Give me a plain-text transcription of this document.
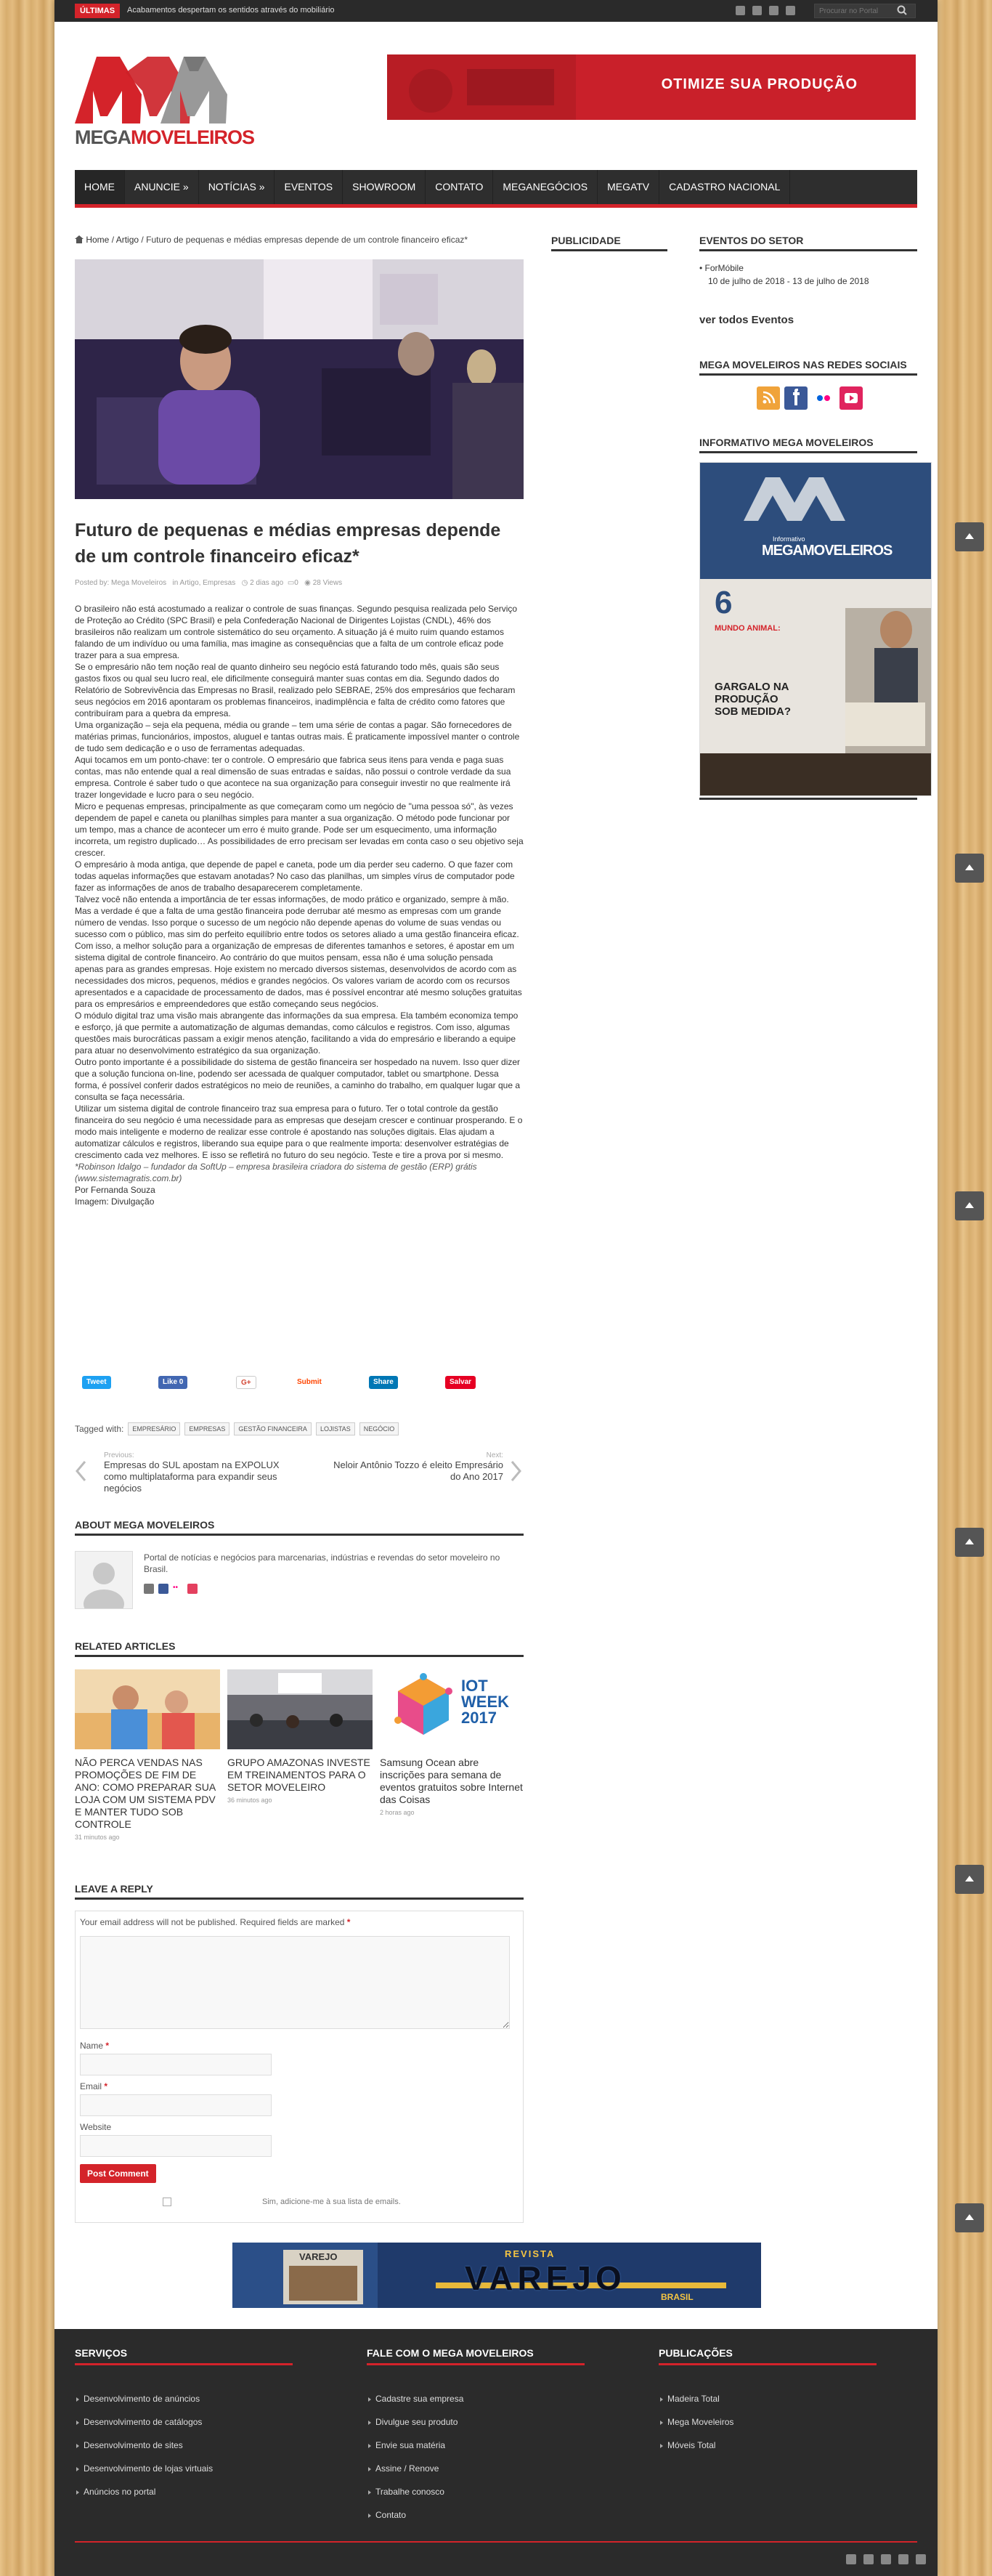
ÚLTIMAS	Acabamentos despertam os sentidos através do mobiliário
Procurar no Portal
MEGAMOVELEIROS
OTIMIZE SUA PRODUÇÃO
HOME	ANUNCIE »	NOTÍCIAS »	EVENTOS	SHOWROOM	CONTATO	MEGANEGÓCIOS	MEGATV	CADASTRO NACIONAL
Home / Artigo / Futuro de pequenas e médias empresas depende de um controle financeiro eficaz*
Futuro de pequenas e médias empresas depende de um controle financeiro eficaz*
Posted by: Mega Moveleiros in Artigo, Empresas ◷ 2 dias ago ▭0 ◉ 28 Views

O brasileiro não está acostumado a realizar o controle de suas finanças. Segundo pesquisa realizada pelo Serviço de Proteção ao Crédito (SPC Brasil) e pela Confederação Nacional de Dirigentes Lojistas (CNDL), 46% dos brasileiros não realizam um controle sistemático do seu orçamento. A situação já é muito ruim quando estamos falando de um indivíduo ou uma família, mas imagine as consequências que a falta de um controle eficaz pode trazer para a sua empresa.

Se o empresário não tem noção real de quanto dinheiro seu negócio está faturando todo mês, quais são seus gastos fixos ou qual seu lucro real, ele dificilmente conseguirá manter suas contas em dia. Segundo dados do Relatório de Sobrevivência das Empresas no Brasil, realizado pelo SEBRAE, 25% dos empresários que fecharam seus negócios em 2016 apontaram os problemas financeiros, inadimplência e falta de crédito como fatores que contribuíram para a quebra da empresa.

Uma organização – seja ela pequena, média ou grande – tem uma série de contas a pagar. São fornecedores de matérias primas, funcionários, impostos, aluguel e tantas outras mais. É praticamente impossível manter o controle de tudo sem dedicação e o uso de ferramentas adequadas.

Aqui tocamos em um ponto-chave: ter o controle. O empresário que fabrica seus itens para venda e paga suas contas, mas não entende qual a real dimensão de suas entradas e saídas, não possui o controle verdade da sua empresa. Controle é saber tudo o que acontece na sua organização para conseguir investir no que realmente irá trazer longevidade e lucro para o seu negócio.

Micro e pequenas empresas, principalmente as que começaram como um negócio de "uma pessoa só", às vezes dependem de papel e caneta ou planilhas simples para manter a sua organização. O método pode funcionar por um tempo, mas a chance de acontecer um erro é muito grande. Pode ser um esquecimento, uma informação incorreta, um registro duplicado… As possibilidades de erro precisam ser levadas em conta caso o seu objetivo seja crescer.

O empresário à moda antiga, que depende de papel e caneta, pode um dia perder seu caderno. O que fazer com todas aquelas informações que estavam anotadas? No caso das planilhas, um simples vírus de computador pode fazer as informações de anos de trabalho desaparecerem completamente.

Talvez você não entenda a importância de ter essas informações, de modo prático e organizado, sempre à mão. Mas a verdade é que a falta de uma gestão financeira pode derrubar até mesmo as empresas com um grande número de vendas. Isso porque o sucesso de um negócio não depende apenas do volume de suas vendas ou sucesso com o público, mas sim do perfeito equilíbrio entre todos os setores aliado a uma gestão financeira eficaz.

Com isso, a melhor solução para a organização de empresas de diferentes tamanhos e setores, é apostar em um sistema digital de controle financeiro. Ao contrário do que muitos pensam, essa não é uma solução pensada apenas para as grandes empresas. Hoje existem no mercado diversos sistemas, desenvolvidos de acordo com as necessidades dos micros, pequenos, médios e grandes negócios. Os valores variam de acordo com os recursos apresentados e a capacidade de processamento de dados, mas é possível encontrar até mesmo soluções gratuitas para os empresários e empreendedores que estão começando seus negócios.

O módulo digital traz uma visão mais abrangente das informações da sua empresa. Ela também economiza tempo e esforço, já que permite a automatização de algumas demandas, como cálculos e registros. Com isso, algumas questões mais burocráticas passam a exigir menos atenção, facilitando a vida do empresário e liberando a equipe para atuar no desenvolvimento estratégico da sua organização.

Outro ponto importante é a possibilidade do sistema de gestão financeira ser hospedado na nuvem. Isso quer dizer que a solução funciona on-line, podendo ser acessada de qualquer computador, tablet ou smartphone. Dessa forma, é possível conferir dados estratégicos no meio de reuniões, a caminho do trabalho, em qualquer lugar que a consulta se faça necessária.

Utilizar um sistema digital de controle financeiro traz sua empresa para o futuro. Ter o total controle da gestão financeira do seu negócio é uma necessidade para as empresas que desejam crescer e continuar prosperando. E o modo mais inteligente e moderno de realizar esse controle é apostando nas soluções digitais. Elas ajudam a automatizar cálculos e registros, liberando sua equipe para o que realmente importa: desenvolver estratégias de crescimento cada vez melhores. E isso se refletirá no futuro do seu negócio. Teste e tire a prova por si mesmo.

*Robinson Idalgo – fundador da SoftUp – empresa brasileira criadora do sistema de gestão (ERP) grátis (www.sistemagratis.com.br)

Por Fernanda Souza

Imagem: Divulgação

Tweet	Like 0	G+	Submit	Share	Salvar
Tagged with:	EMPRESÁRIO	EMPRESAS	GESTÃO FINANCEIRA	LOJISTAS	NEGÓCIO
Previous:
Empresas do SUL apostam na EXPOLUX como multiplataforma para expandir seus negócios
Next:
Neloir Antônio Tozzo é eleito Empresário do Ano 2017
ABOUT MEGA MOVELEIROS
Portal de notícias e negócios para marcenarias, indústrias e revendas do setor moveleiro no Brasil.
••
RELATED ARTICLES
NÃO PERCA VENDAS NAS PROMOÇÕES DE FIM DE ANO: COMO PREPARAR SUA LOJA COM UM SISTEMA PDV E MANTER TUDO SOB CONTROLE
31 minutos ago
GRUPO AMAZONAS INVESTE EM TREINAMENTOS PARA O SETOR MOVELEIRO
36 minutos ago
IOT
WEEK
2017
Samsung Ocean abre inscrições para semana de eventos gratuitos sobre Internet das Coisas
2 horas ago
LEAVE A REPLY
Your email address will not be published. Required fields are marked *
Name *
Email *
Website
Post Comment
Sim, adicione-me à sua lista de emails.
VAREJO	REVISTA
VAREJO	BRASIL
PUBLICIDADE	EVENTOS DO SETOR
• ForMóbile
10 de julho de 2018 - 13 de julho de 2018
ver todos Eventos
MEGA MOVELEIROS NAS REDES SOCIAIS
INFORMATIVO MEGA MOVELEIROS
Informativo
MEGAMOVELEIROS
6
MUNDO ANIMAL:
GARGALO NA PRODUÇÃO SOB MEDIDA?
SERVIÇOS
Desenvolvimento de anúncios
Desenvolvimento de catálogos
Desenvolvimento de sites
Desenvolvimento de lojas virtuais
Anúncios no portal
FALE COM O MEGA MOVELEIROS
Cadastre sua empresa
Divulgue seu produto
Envie sua matéria
Assine / Renove
Trabalhe conosco
Contato
PUBLICAÇÕES
Madeira Total
Mega Moveleiros
Móveis Total
